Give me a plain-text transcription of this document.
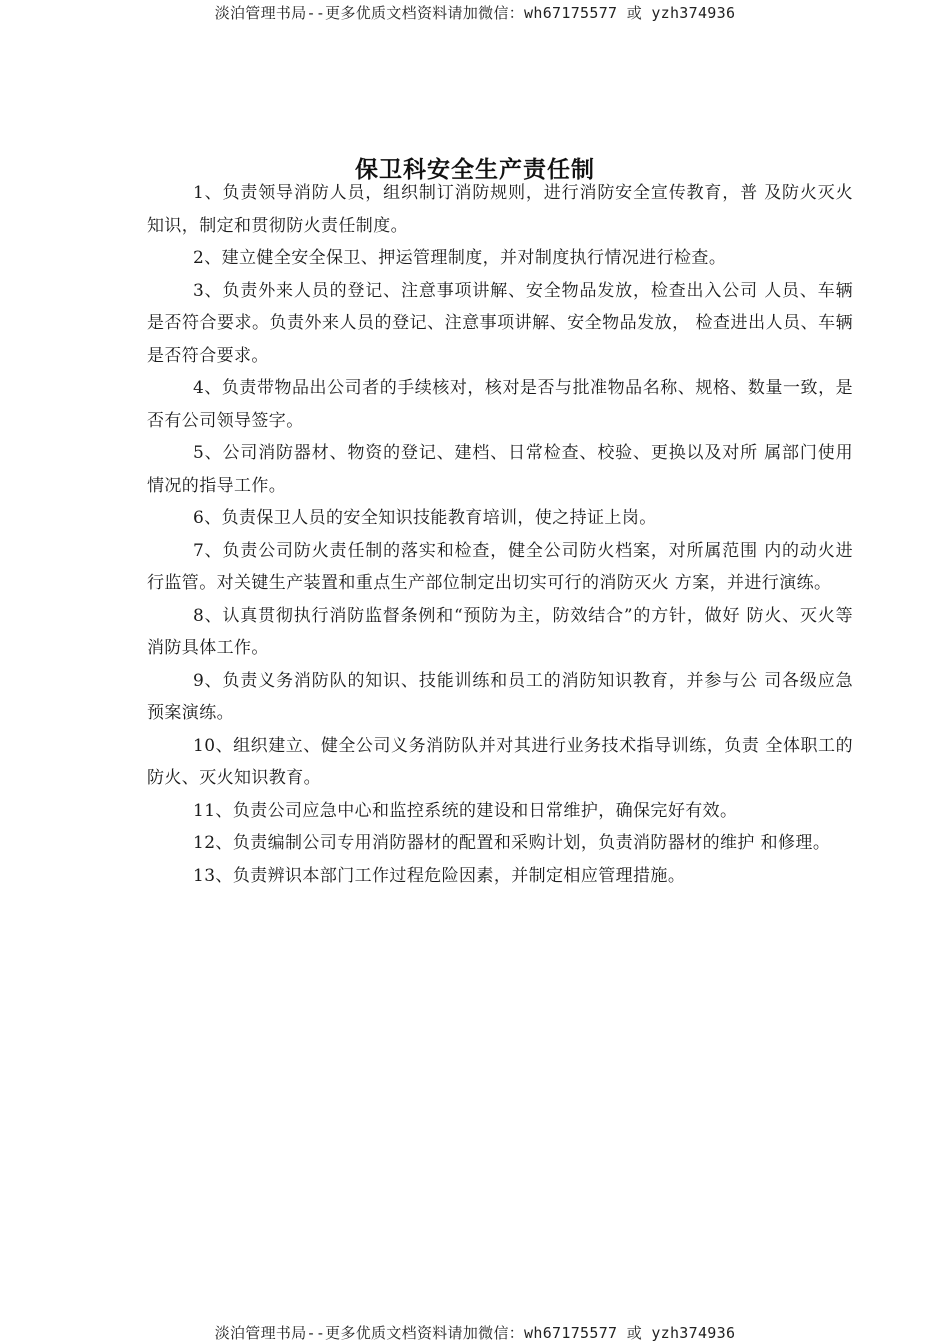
淡泊管理书局--更多优质文档资料请加微信：wh67175577 或 yzh374936
保卫科安全生产责任制

1、负责领导消防人员，组织制订消防规则，进行消防安全宣传教育，普 及防火灭火知识，制定和贯彻防火责任制度。

2、建立健全安全保卫、押运管理制度，并对制度执行情况进行检查。

3、负责外来人员的登记、注意事项讲解、安全物品发放，检查出入公司 人员、车辆是否符合要求。负责外来人员的登记、注意事项讲解、安全物品发放， 检查进出人员、车辆是否符合要求。

4、负责带物品出公司者的手续核对，核对是否与批准物品名称、规格、数量一致，是否有公司领导签字。

5、公司消防器材、物资的登记、建档、日常检查、校验、更换以及对所 属部门使用情况的指导工作。

6、负责保卫人员的安全知识技能教育培训，使之持证上岗。

7、负责公司防火责任制的落实和检查，健全公司防火档案，对所属范围 内的动火进行监管。对关键生产装置和重点生产部位制定出切实可行的消防灭火 方案，并进行演练。

8、认真贯彻执行消防监督条例和“预防为主，防效结合”的方针，做好 防火、灭火等消防具体工作。

9、负责义务消防队的知识、技能训练和员工的消防知识教育，并参与公 司各级应急预案演练。

10、组织建立、健全公司义务消防队并对其进行业务技术指导训练，负责 全体职工的防火、灭火知识教育。

11、负责公司应急中心和监控系统的建设和日常维护，确保完好有效。

12、负责编制公司专用消防器材的配置和采购计划，负责消防器材的维护 和修理。

13、负责辨识本部门工作过程危险因素，并制定相应管理措施。

淡泊管理书局--更多优质文档资料请加微信：wh67175577 或 yzh374936
